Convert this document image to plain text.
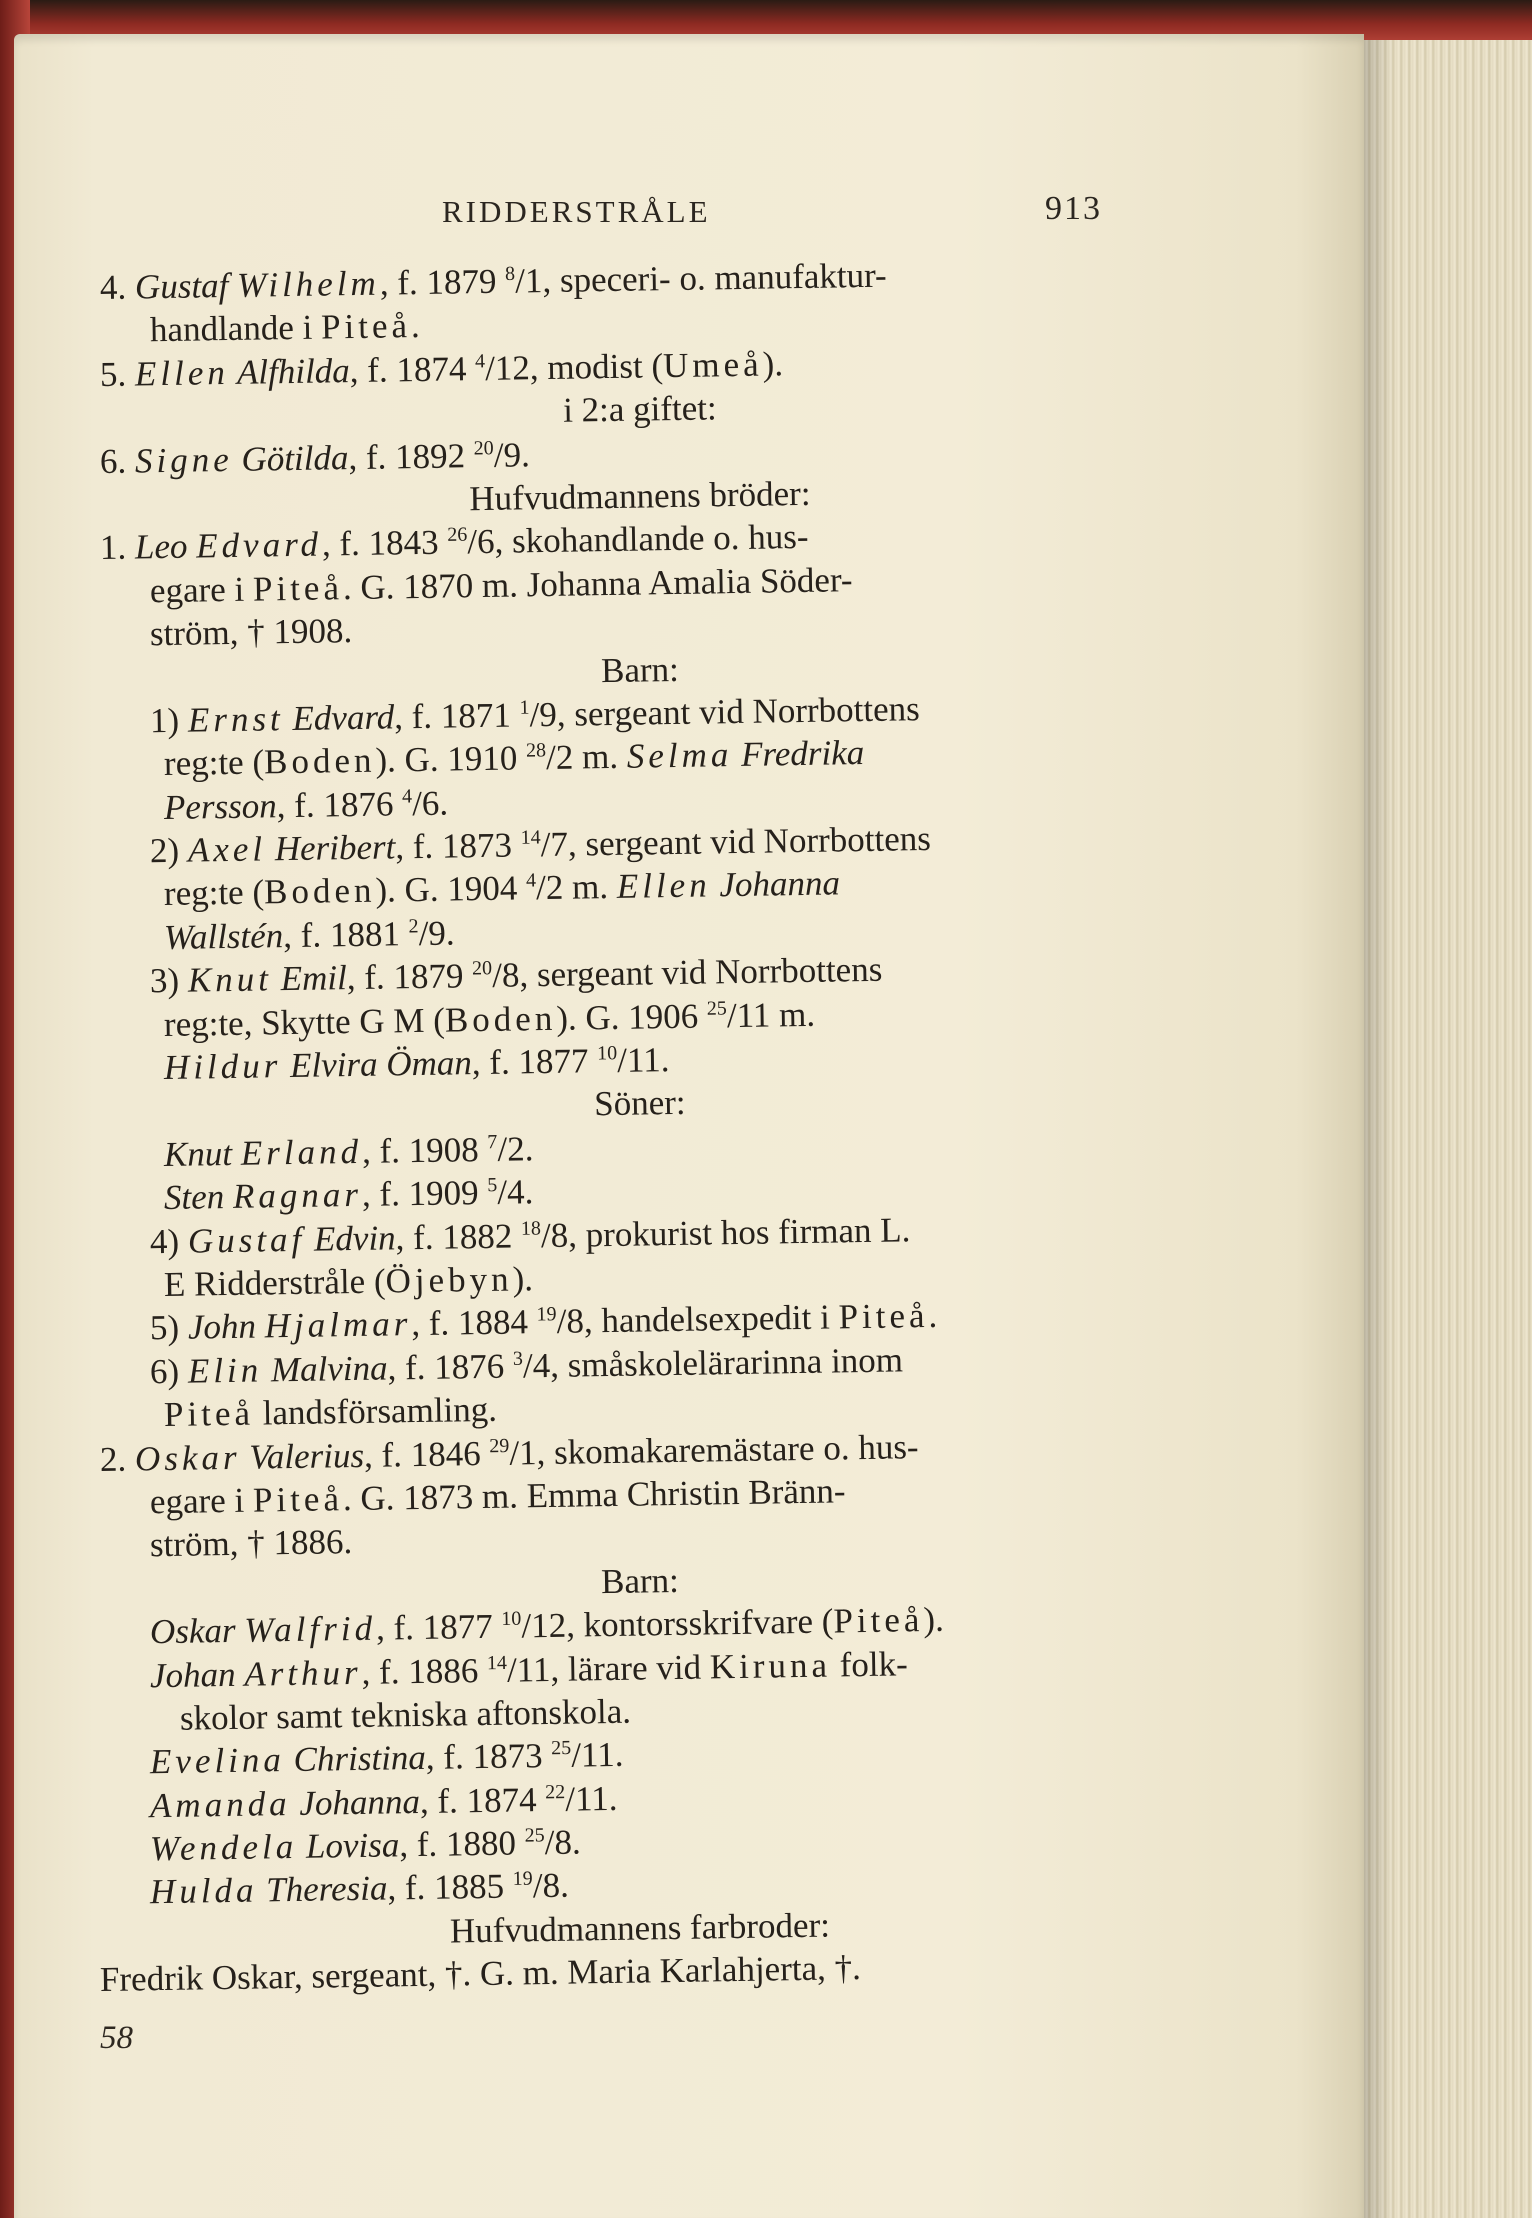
RIDDERSTRÅLE	913
4. Gustaf Wilhelm, f. 1879 $^8$/1, speceri- o. manufaktur-
handlande i Piteå.
5. Ellen Alfhilda, f. 1874 $^4$/12, modist (Umeå).
i 2:a giftet:
6. Signe Götilda, f. 1892 $^{20}$/9.
Hufvudmannens bröder:
1. Leo Edvard, f. 1843 $^{26}$/6, skohandlande o. hus-
egare i Piteå. G. 1870 m. Johanna Amalia Söder-
ström, † 1908.
Barn:
1) Ernst Edvard, f. 1871 $^1$/9, sergeant vid Norrbottens
reg:te (Boden). G. 1910 $^{28}$/2 m. Selma Fredrika
Persson, f. 1876 $^4$/6.
2) Axel Heribert, f. 1873 $^{14}$/7, sergeant vid Norrbottens
reg:te (Boden). G. 1904 $^4$/2 m. Ellen Johanna
Wallstén, f. 1881 $^2$/9.
3) Knut Emil, f. 1879 $^{20}$/8, sergeant vid Norrbottens
reg:te, Skytte G M (Boden). G. 1906 $^{25}$/11 m.
Hildur Elvira Öman, f. 1877 $^{10}$/11.
Söner:
Knut Erland, f. 1908 $^7$/2.
Sten Ragnar, f. 1909 $^5$/4.
4) Gustaf Edvin, f. 1882 $^{18}$/8, prokurist hos firman L.
E Ridderstråle (Öjebyn).
5) John Hjalmar, f. 1884 $^{19}$/8, handelsexpedit i Piteå.
6) Elin Malvina, f. 1876 $^3$/4, småskolelärarinna inom
Piteå landsförsamling.
2. Oskar Valerius, f. 1846 $^{29}$/1, skomakaremästare o. hus-
egare i Piteå. G. 1873 m. Emma Christin Bränn-
ström, † 1886.
Barn:
Oskar Walfrid, f. 1877 $^{10}$/12, kontorsskrifvare (Piteå).
Johan Arthur, f. 1886 $^{14}$/11, lärare vid Kiruna folk-
skolor samt tekniska aftonskola.
Evelina Christina, f. 1873 $^{25}$/11.
Amanda Johanna, f. 1874 $^{22}$/11.
Wendela Lovisa, f. 1880 $^{25}$/8.
Hulda Theresia, f. 1885 $^{19}$/8.
Hufvudmannens farbroder:
Fredrik Oskar, sergeant, †. G. m. Maria Karlahjerta, †.
58
